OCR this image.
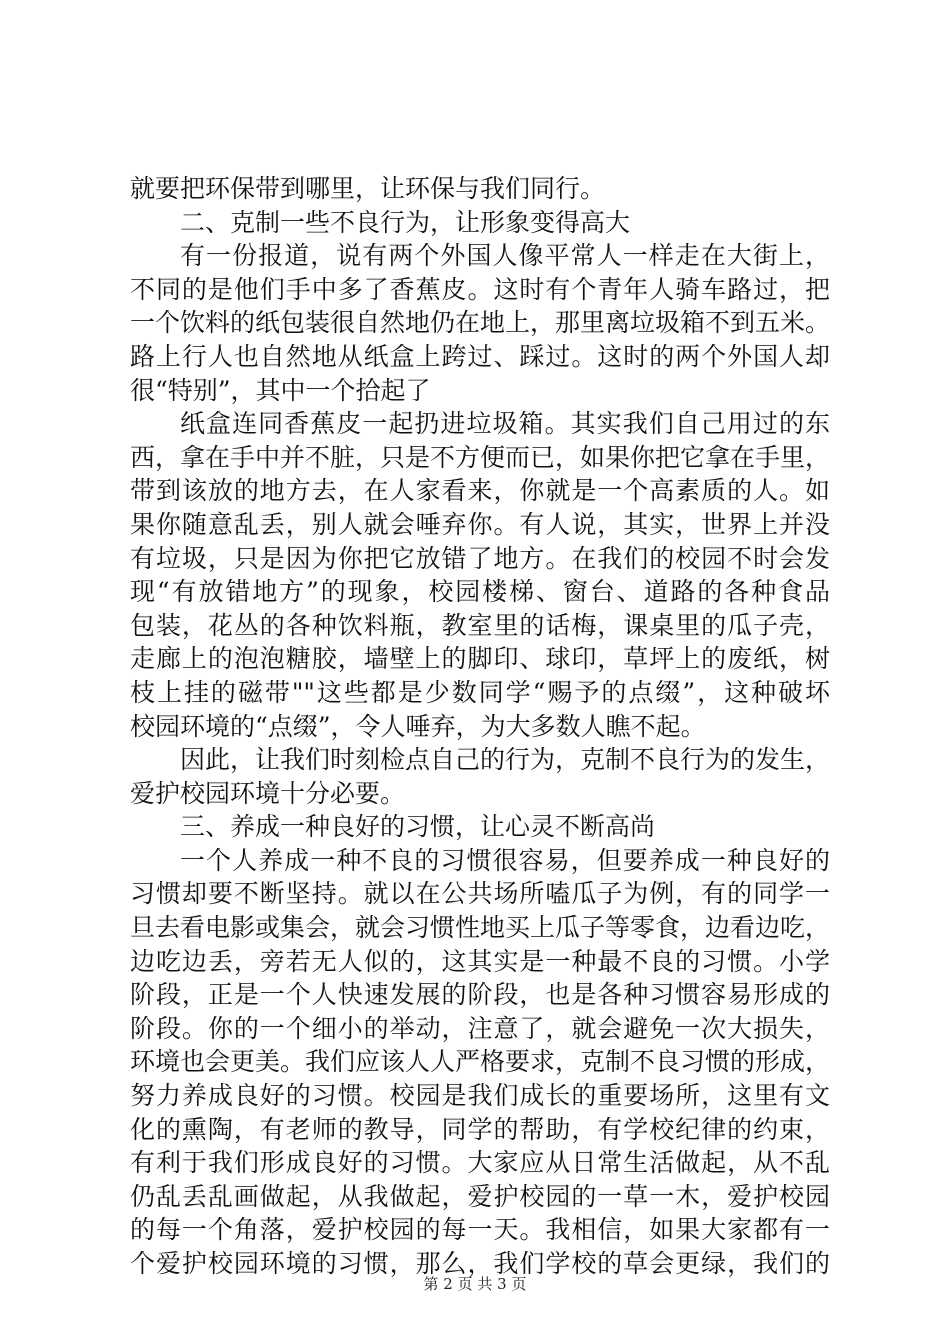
就要把环保带到哪里，让环保与我们同行。
二、克制一些不良行为，让形象变得高大
有一份报道，说有两个外国人像平常人一样走在大街上，
不同的是他们手中多了香蕉皮。这时有个青年人骑车路过，把
一个饮料的纸包装很自然地仍在地上，那里离垃圾箱不到五米。
路上行人也自然地从纸盒上跨过、踩过。这时的两个外国人却
很“特别”，其中一个拾起了
纸盒连同香蕉皮一起扔进垃圾箱。其实我们自己用过的东
西，拿在手中并不脏，只是不方便而已，如果你把它拿在手里，
带到该放的地方去，在人家看来，你就是一个高素质的人。如
果你随意乱丢，别人就会唾弃你。有人说，其实，世界上并没
有垃圾，只是因为你把它放错了地方。在我们的校园不时会发
现“有放错地方”的现象，校园楼梯、窗台、道路的各种食品
包装，花丛的各种饮料瓶，教室里的话梅，课桌里的瓜子壳，
走廊上的泡泡糖胶，墙壁上的脚印、球印，草坪上的废纸，树
枝上挂的磁带""这些都是少数同学“赐予的点缀”，这种破坏
校园环境的“点缀”，令人唾弃，为大多数人瞧不起。
因此，让我们时刻检点自己的行为，克制不良行为的发生，
爱护校园环境十分必要。
三、养成一种良好的习惯，让心灵不断高尚
一个人养成一种不良的习惯很容易，但要养成一种良好的
习惯却要不断坚持。就以在公共场所嗑瓜子为例，有的同学一
旦去看电影或集会，就会习惯性地买上瓜子等零食，边看边吃，
边吃边丢，旁若无人似的，这其实是一种最不良的习惯。小学
阶段，正是一个人快速发展的阶段，也是各种习惯容易形成的
阶段。你的一个细小的举动，注意了，就会避免一次大损失，
环境也会更美。我们应该人人严格要求，克制不良习惯的形成，
努力养成良好的习惯。校园是我们成长的重要场所，这里有文
化的熏陶，有老师的教导，同学的帮助，有学校纪律的约束，
有利于我们形成良好的习惯。大家应从日常生活做起，从不乱
仍乱丢乱画做起，从我做起，爱护校园的一草一木，爱护校园
的每一个角落，爱护校园的每一天。我相信，如果大家都有一
个爱护校园环境的习惯，那么，我们学校的草会更绿，我们的
第 2 页 共 3 页
